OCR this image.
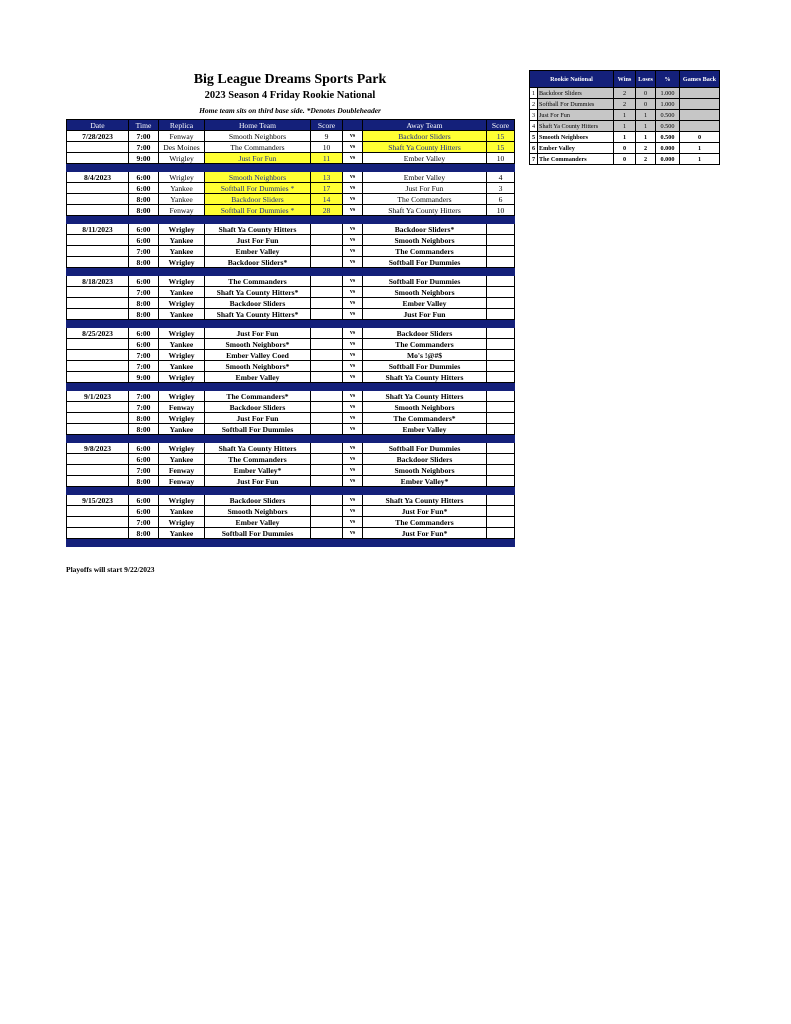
Big League Dreams Sports Park
2023 Season 4 Friday Rookie National
Home team sits on third base side. *Denotes Doubleheader
Date	Time	Replica	Home Team	Score		Away Team	Score
7/28/2023	7:00	Fenway	Smooth Neighbors	9	vs	Backdoor Sliders	15
	7:00	Des Moines	The Commanders	10	vs	Shaft Ya County Hitters	15
	9:00	Wrigley	Just For Fun	11	vs	Ember Valley	10

8/4/2023	6:00	Wrigley	Smooth Neighbors	13	vs	Ember Valley	4
	6:00	Yankee	Softball For Dummies *	17	vs	Just For Fun	3
	8:00	Yankee	Backdoor Sliders	14	vs	The Commanders	6
	8:00	Fenway	Softball For Dummies *	28	vs	Shaft Ya County Hitters	10

8/11/2023	6:00	Wrigley	Shaft Ya County Hitters		vs	Backdoor Sliders*	
	6:00	Yankee	Just For Fun		vs	Smooth Neighbors	
	7:00	Yankee	Ember Valley		vs	The Commanders	
	8:00	Wrigley	Backdoor Sliders*		vs	Softball For Dummies	

8/18/2023	6:00	Wrigley	The Commanders		vs	Softball For Dummies	
	7:00	Yankee	Shaft Ya County Hitters*		vs	Smooth Neighbors	
	8:00	Wrigley	Backdoor Sliders		vs	Ember Valley	
	8:00	Yankee	Shaft Ya County Hitters*		vs	Just For Fun	

8/25/2023	6:00	Wrigley	Just For Fun		vs	Backdoor Sliders	
	6:00	Yankee	Smooth Neighbors*		vs	The Commanders	
	7:00	Wrigley	Ember Valley Coed		vs	Mo's !@#$	
	7:00	Yankee	Smooth Neighbors*		vs	Softball For Dummies	
	9:00	Wrigley	Ember Valley		vs	Shaft Ya County Hitters	

9/1/2023	7:00	Wrigley	The Commanders*		vs	Shaft Ya County Hitters	
	7:00	Fenway	Backdoor Sliders		vs	Smooth Neighbors	
	8:00	Wrigley	Just For Fun		vs	The Commanders*	
	8:00	Yankee	Softball For Dummies		vs	Ember Valley	

9/8/2023	6:00	Wrigley	Shaft Ya County Hitters		vs	Softball For Dummies	
	6:00	Yankee	The Commanders		vs	Backdoor Sliders	
	7:00	Fenway	Ember Valley*		vs	Smooth Neighbors	
	8:00	Fenway	Just For Fun		vs	Ember Valley*	

9/15/2023	6:00	Wrigley	Backdoor Sliders		vs	Shaft Ya County Hitters	
	6:00	Yankee	Smooth Neighbors		vs	Just For Fun*	
	7:00	Wrigley	Ember Valley		vs	The Commanders	
	8:00	Yankee	Softball For Dummies		vs	Just For Fun*	

Playoffs will start 9/22/2023
Rookie National		Wins	Loses	%	Games Back
1	Backdoor Sliders	2	0	1.000	
2	Softball For Dummies	2	0	1.000	
3	Just For Fun	1	1	0.500	
4	Shaft Ya County Hitters	1	1	0.500	
5	Smooth Neighbors	1	1	0.500	0
6	Ember Valley	0	2	0.000	1
7	The Commanders	0	2	0.000	1
